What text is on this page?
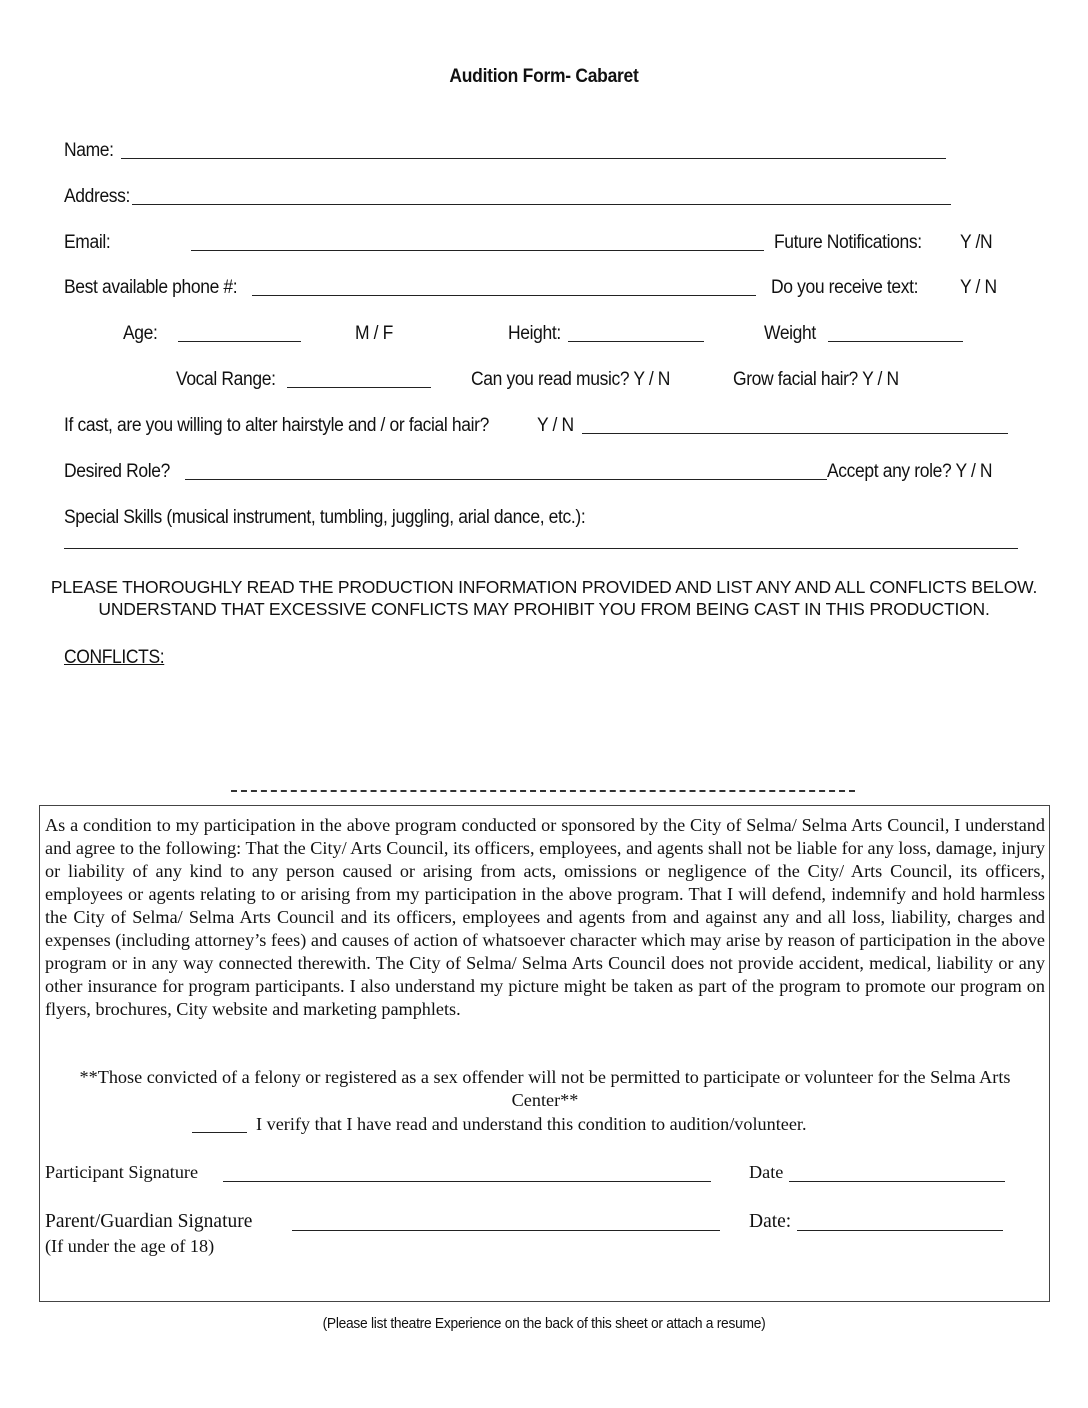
Audition Form- Cabaret
Name:
Address:
Email:	Future Notifications: Y /N
Best available phone #:	Do you receive text: Y / N
Age:	M / F	Height:	Weight
Vocal Range:	Can you read music? Y / N	Grow facial hair? Y / N
If cast, are you willing to alter hairstyle and / or facial hair?	Y / N
Desired Role?	Accept any role? Y / N
Special Skills (musical instrument, tumbling, juggling, arial dance, etc.):
PLEASE THOROUGHLY READ THE PRODUCTION INFORMATION PROVIDED AND LIST ANY AND ALL CONFLICTS BELOW.
UNDERSTAND THAT EXCESSIVE CONFLICTS MAY PROHIBIT YOU FROM BEING CAST IN THIS PRODUCTION.
CONFLICTS:
As a condition to my participation in the above program conducted or sponsored by the City of Selma/ Selma Arts Council, I understand and agree to the following: That the City/ Arts Council, its officers, employees, and agents shall not be liable for any loss, damage, injury or liability of any kind to any person caused or arising from acts, omissions or negligence of the City/ Arts Council, its officers, employees or agents relating to or arising from my participation in the above program. That I will defend, indemnify and hold harmless the City of Selma/ Selma Arts Council and its officers, employees and agents from and against any and all loss, liability, charges and expenses (including attorney’s fees) and causes of action of whatsoever character which may arise by reason of participation in the above program or in any way connected therewith. The City of Selma/ Selma Arts Council does not provide accident, medical, liability or any other insurance for program participants. I also understand my picture might be taken as part of the program to promote our program on flyers, brochures, City website and marketing pamphlets.
**Those convicted of a felony or registered as a sex offender will not be permitted to participate or volunteer for the Selma Arts Center**
I verify that I have read and understand this condition to audition/volunteer.
Participant Signature	Date
Parent/Guardian Signature	Date:
(If under the age of 18)
(Please list theatre Experience on the back of this sheet or attach a resume)
